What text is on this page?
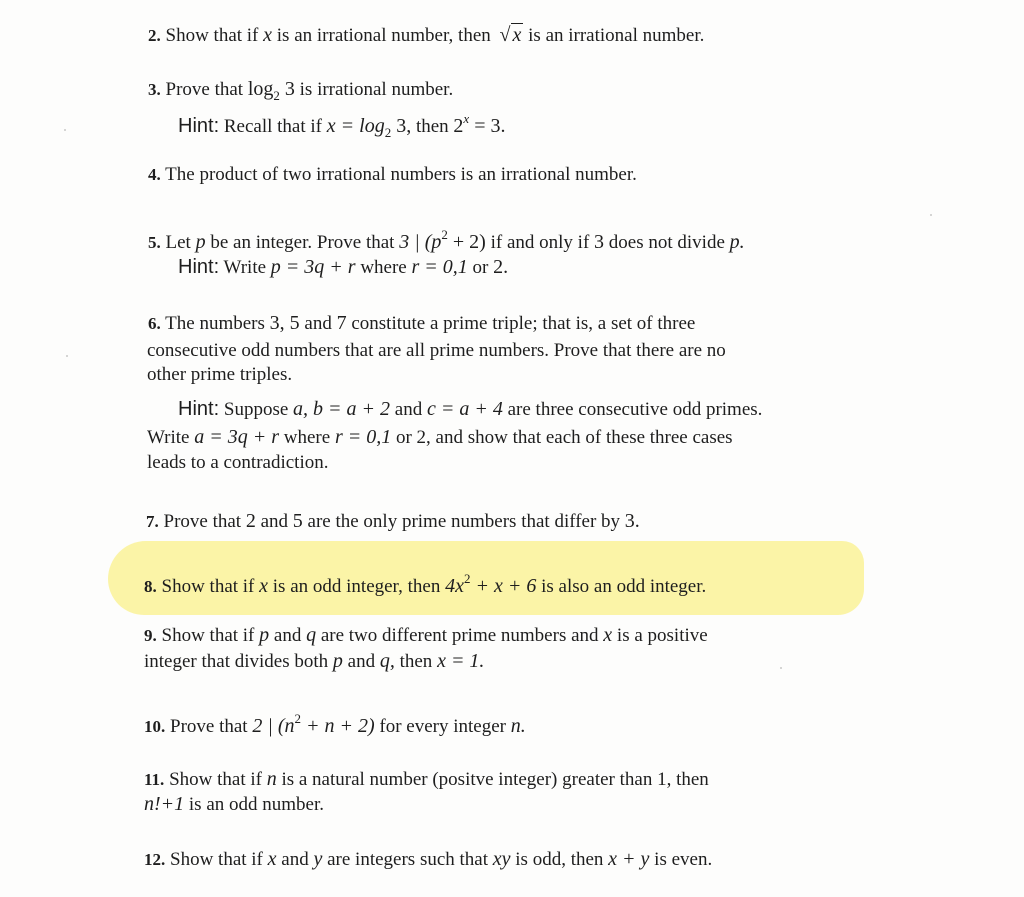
2. Show that if x is an irrational number, then √ x is an irrational number.
3. Prove that $\log_2 3$ is irrational number.
Hint: Recall that if $x = \log_2 3$, then $2^x = 3$.
4. The product of two irrational numbers is an irrational number.
5. Let p be an integer. Prove that 3 | $(p^2 + 2)$ if and only if 3 does not divide p.
Hint: Write p = 3q + r where r = 0,1 or 2.
6. The numbers 3, 5 and 7 constitute a prime triple; that is, a set of three
consecutive odd numbers that are all prime numbers. Prove that there are no
other prime triples.
Hint: Suppose a, b = a + 2 and c = a + 4 are three consecutive odd primes.
Write a = 3q + r where r = 0,1 or 2, and show that each of these three cases
leads to a contradiction.
7. Prove that 2 and 5 are the only prime numbers that differ by 3.
8. Show that if x is an odd integer, then $4x^2 + x + 6$ is also an odd integer.
9. Show that if p and q are two different prime numbers and x is a positive
integer that divides both p and q, then x = 1.
10. Prove that 2 | $(n^2 + n + 2)$ for every integer n.
11. Show that if n is a natural number (positve integer) greater than 1, then
n!+1 is an odd number.
12. Show that if x and y are integers such that xy is odd, then x + y is even.
